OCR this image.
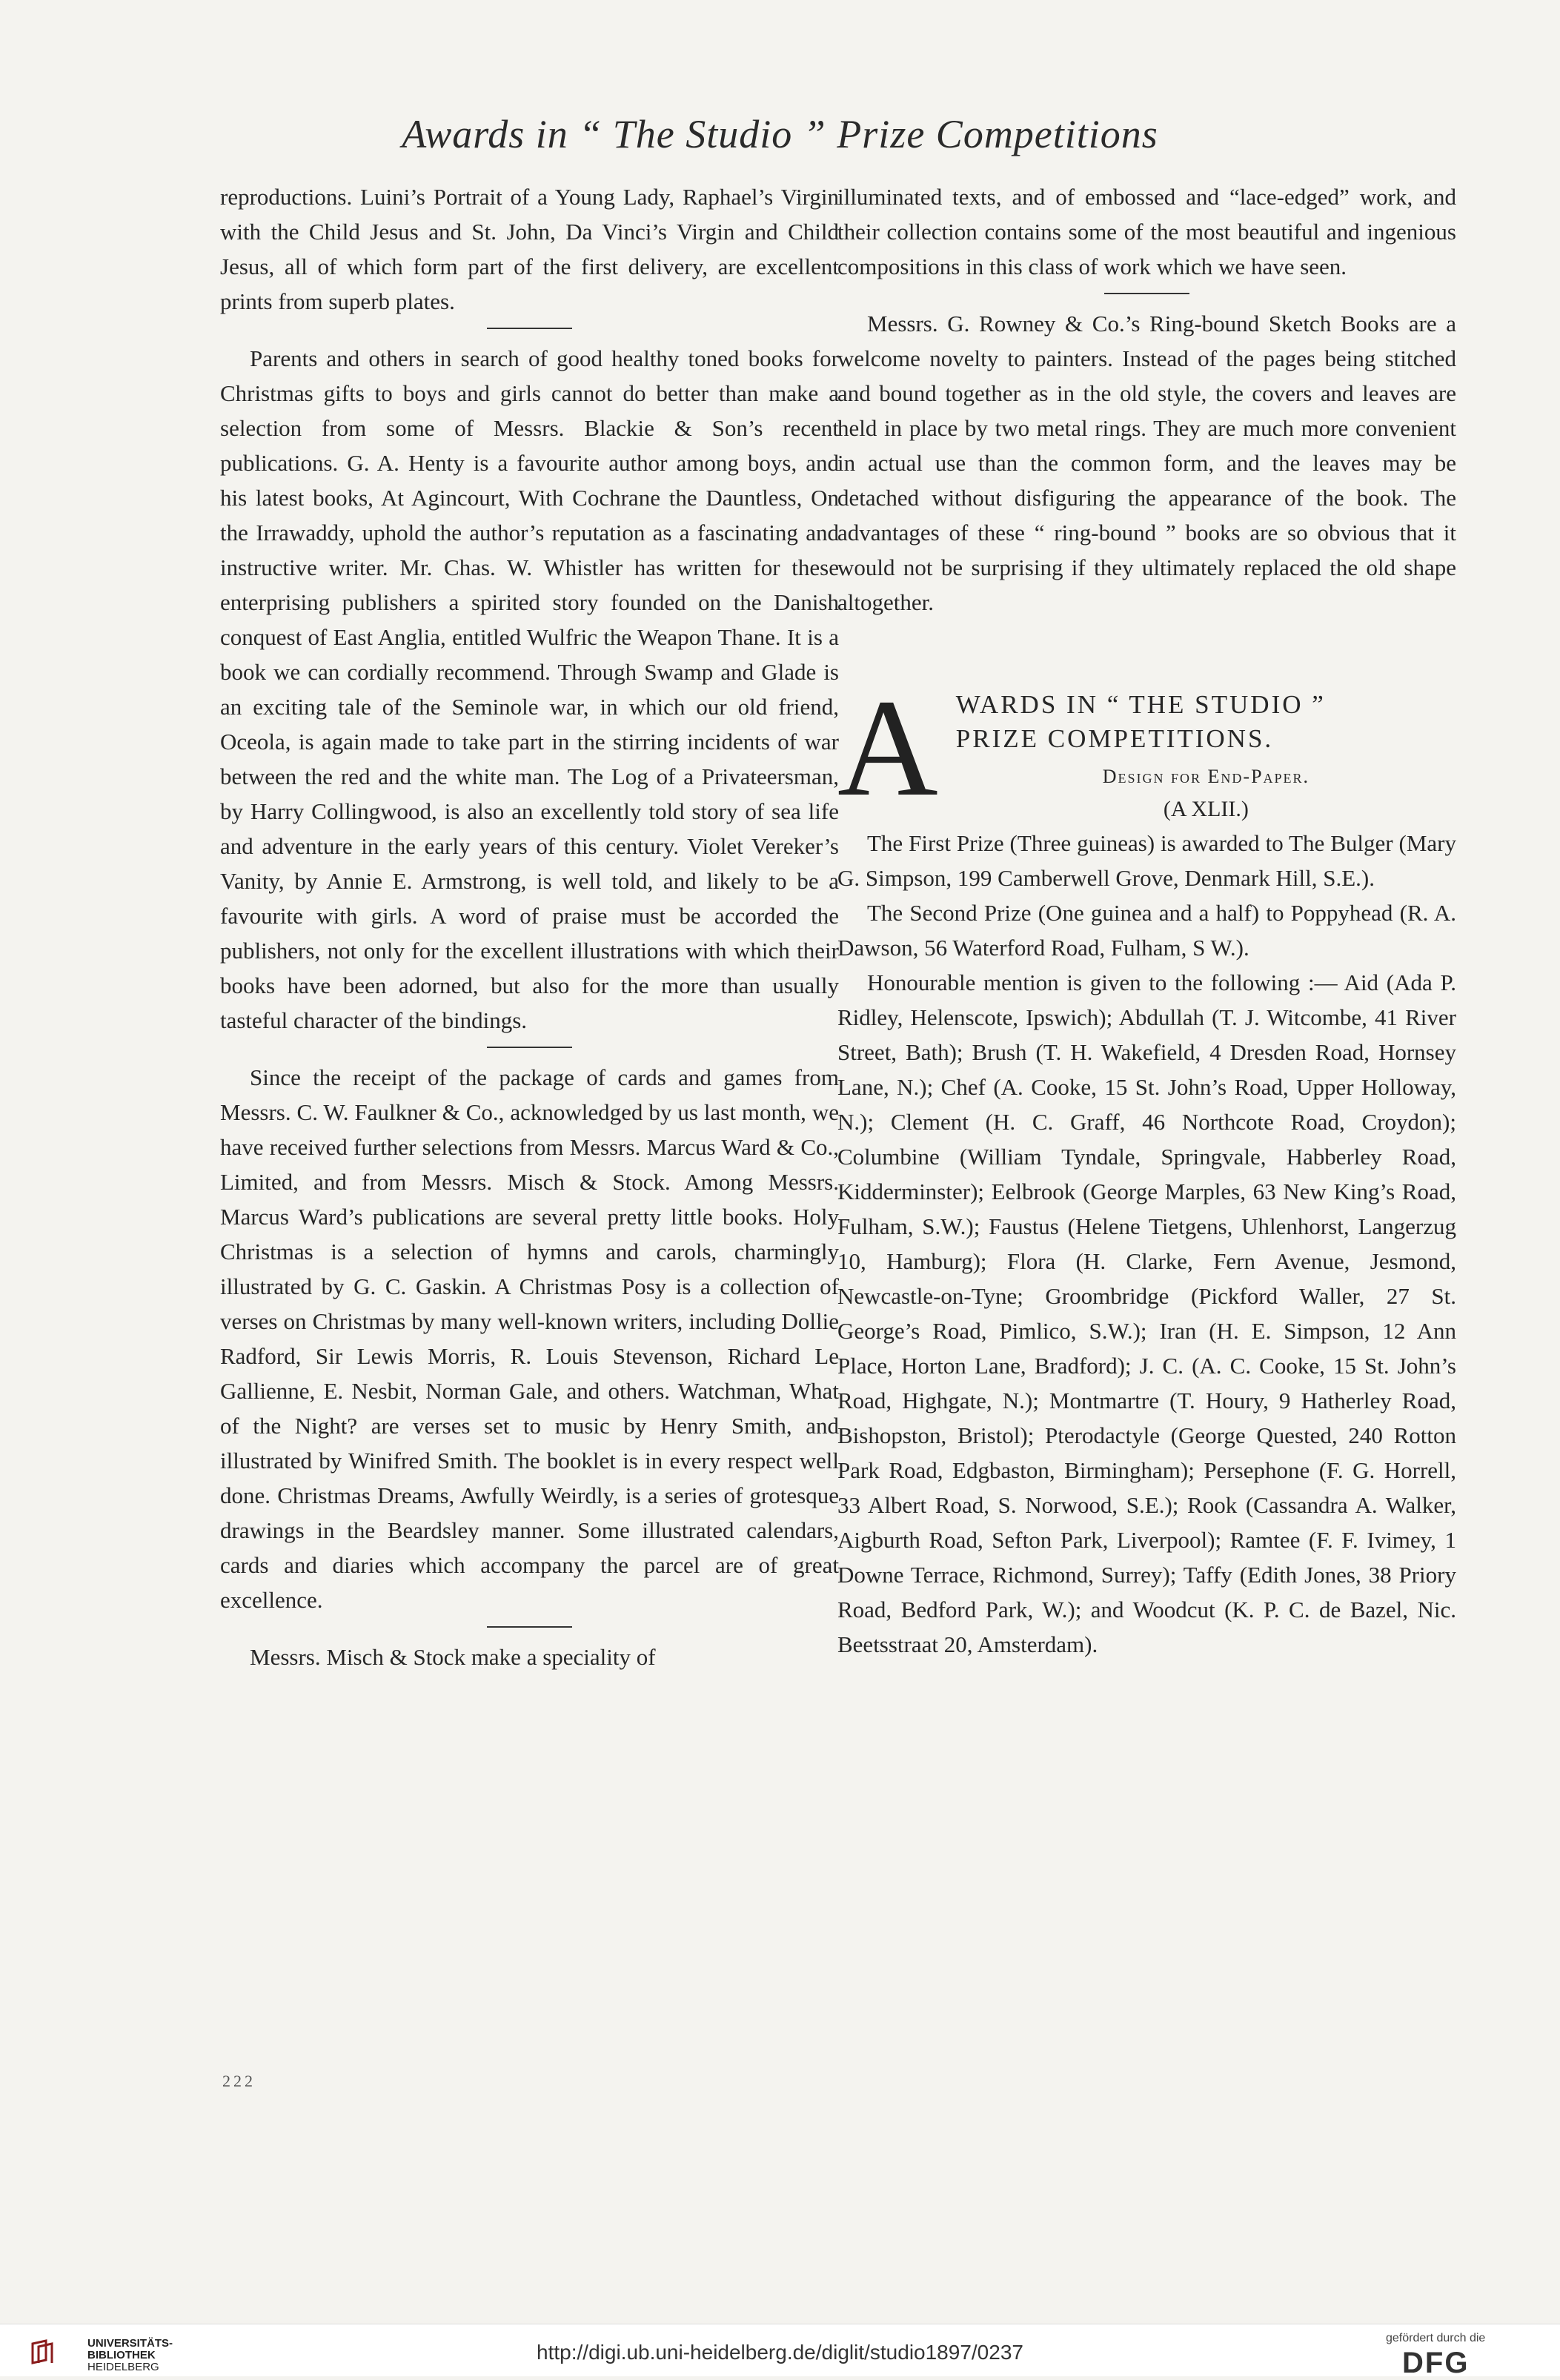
Awards in “ The Studio ” Prize Competitions

reproductions. Luini’s Portrait of a Young Lady, Raphael’s Virgin with the Child Jesus and St. John, Da Vinci’s Virgin and Child Jesus, all of which form part of the first delivery, are excellent prints from superb plates.

Parents and others in search of good healthy toned books for Christmas gifts to boys and girls cannot do better than make a selection from some of Messrs. Blackie & Son’s recent publications. G. A. Henty is a favourite author among boys, and his latest books, At Agincourt, With Cochrane the Dauntless, On the Irrawaddy, uphold the author’s reputation as a fascinating and instructive writer. Mr. Chas. W. Whistler has written for these enterprising publishers a spirited story founded on the Danish conquest of East Anglia, entitled Wulfric the Weapon Thane. It is a book we can cordially recommend. Through Swamp and Glade is an exciting tale of the Seminole war, in which our old friend, Oceola, is again made to take part in the stirring incidents of war between the red and the white man. The Log of a Privateersman, by Harry Collingwood, is also an excellently told story of sea life and adventure in the early years of this century. Violet Vereker’s Vanity, by Annie E. Armstrong, is well told, and likely to be a favourite with girls. A word of praise must be accorded the publishers, not only for the excellent illustrations with which their books have been adorned, but also for the more than usually tasteful character of the bindings.

Since the receipt of the package of cards and games from Messrs. C. W. Faulkner & Co., acknowledged by us last month, we have received further selections from Messrs. Marcus Ward & Co., Limited, and from Messrs. Misch & Stock. Among Messrs. Marcus Ward’s publications are several pretty little books. Holy Christmas is a selection of hymns and carols, charmingly illustrated by G. C. Gaskin. A Christmas Posy is a collection of verses on Christmas by many well-known writers, including Dollie Radford, Sir Lewis Morris, R. Louis Stevenson, Richard Le Gallienne, E. Nesbit, Norman Gale, and others. Watchman, What of the Night? are verses set to music by Henry Smith, and illustrated by Winifred Smith. The booklet is in every respect well done. Christmas Dreams, Awfully Weirdly, is a series of grotesque drawings in the Beardsley manner. Some illustrated calendars, cards and diaries which accompany the parcel are of great excellence.

Messrs. Misch & Stock make a speciality of

illuminated texts, and of embossed and “lace-edged” work, and their collection contains some of the most beautiful and ingenious compositions in this class of work which we have seen.

Messrs. G. Rowney & Co.’s Ring-bound Sketch Books are a welcome novelty to painters. Instead of the pages being stitched and bound together as in the old style, the covers and leaves are held in place by two metal rings. They are much more convenient in actual use than the common form, and the leaves may be detached without disfiguring the appearance of the book. The advantages of these “ ring-bound ” books are so obvious that it would not be surprising if they ultimately replaced the old shape altogether.

A WARDS IN “ THE STUDIO ”
PRIZE COMPETITIONS.
Design for End-Paper.
(A XLII.)

The First Prize (Three guineas) is awarded to The Bulger (Mary G. Simpson, 199 Camberwell Grove, Denmark Hill, S.E.).

The Second Prize (One guinea and a half) to Poppyhead (R. A. Dawson, 56 Waterford Road, Fulham, S W.).

Honourable mention is given to the following :— Aid (Ada P. Ridley, Helenscote, Ipswich); Abdullah (T. J. Witcombe, 41 River Street, Bath); Brush (T. H. Wakefield, 4 Dresden Road, Hornsey Lane, N.); Chef (A. Cooke, 15 St. John’s Road, Upper Holloway, N.); Clement (H. C. Graff, 46 Northcote Road, Croydon); Columbine (William Tyndale, Springvale, Habberley Road, Kidderminster); Eelbrook (George Marples, 63 New King’s Road, Fulham, S.W.); Faustus (Helene Tietgens, Uhlenhorst, Langerzug 10, Hamburg); Flora (H. Clarke, Fern Avenue, Jesmond, Newcastle-on-Tyne; Groombridge (Pickford Waller, 27 St. George’s Road, Pimlico, S.W.); Iran (H. E. Simpson, 12 Ann Place, Horton Lane, Bradford); J. C. (A. C. Cooke, 15 St. John’s Road, Highgate, N.); Montmartre (T. Houry, 9 Hatherley Road, Bishopston, Bristol); Pterodactyle (George Quested, 240 Rotton Park Road, Edgbaston, Birmingham); Persephone (F. G. Horrell, 33 Albert Road, S. Norwood, S.E.); Rook (Cassandra A. Walker, Aigburth Road, Sefton Park, Liverpool); Ramtee (F. F. Ivimey, 1 Downe Terrace, Richmond, Surrey); Taffy (Edith Jones, 38 Priory Road, Bedford Park, W.); and Woodcut (K. P. C. de Bazel, Nic. Beetsstraat 20, Amsterdam).

222
UNIVERSITÄTS-
BIBLIOTHEK
HEIDELBERG
http://digi.ub.uni-heidelberg.de/diglit/studio1897/0237
gefördert durch die
DFG
